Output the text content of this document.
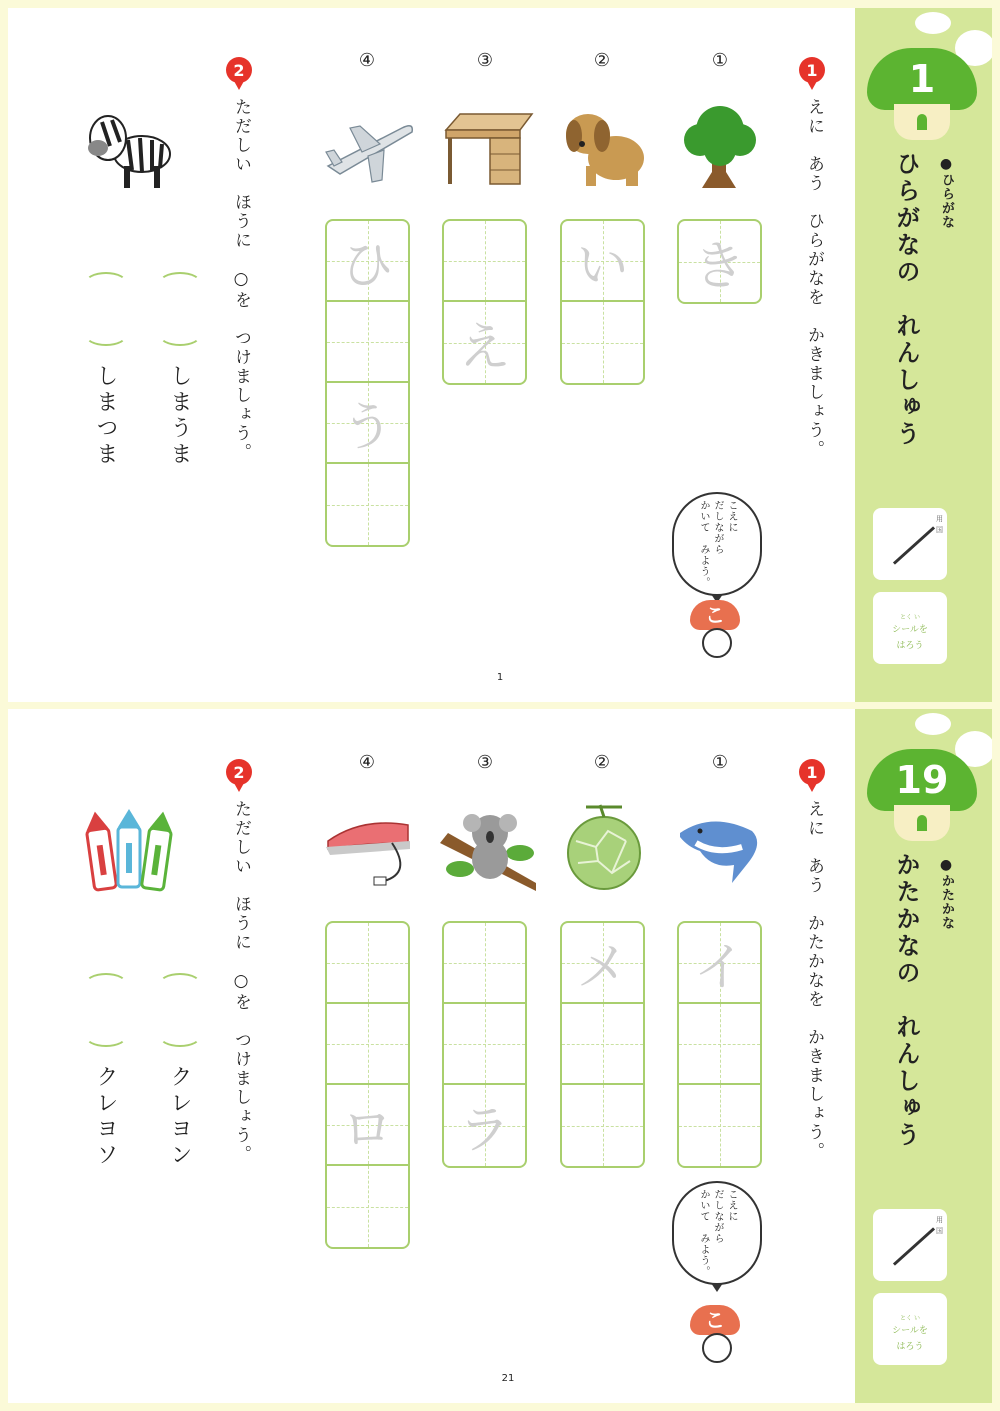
1
●ひらがな
ひらがなの　れんしゅう
用
国
とく い
シールを
はろう
1
えに　あう　ひらがなを　かきましょう。
①
②
③
④
き
い
え
ひ
う
こえに
だしながら
かいて　みよう。
こ
2
ただしい　ほうに　○を　つけましょう。
しまうま
しまつま
1
19
●かたかな
かたかなの　れんしゅう
用
国
とく い
シールを
はろう
1
えに　あう　かたかなを　かきましょう。
①
②
③
④
イ
メ
ラ
ロ
こえに
だしながら
かいて　みよう。
こ
2
ただしい　ほうに　○を　つけましょう。
クレヨン
クレヨソ
21
